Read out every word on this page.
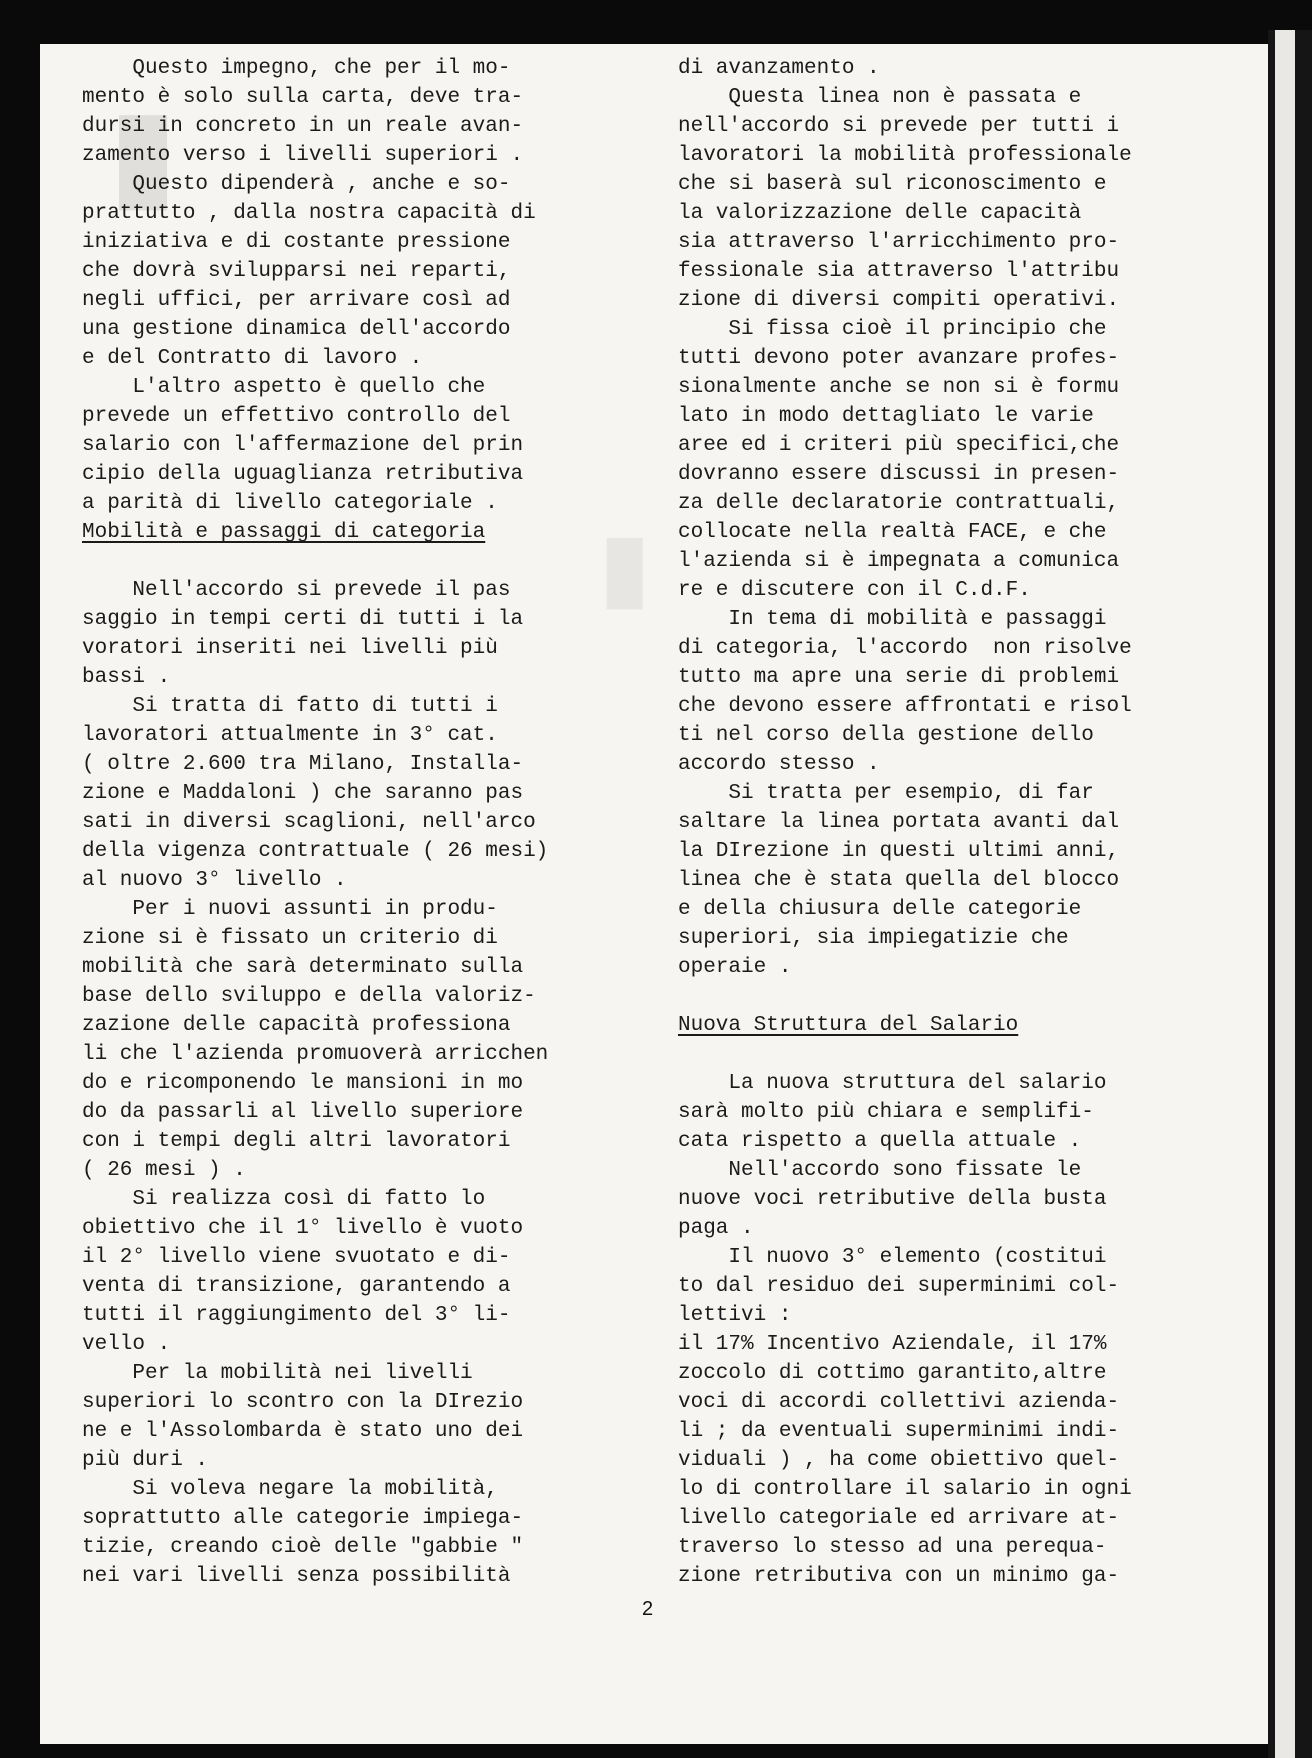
▮
▮
Questo impegno, che per il mo-
mento è solo sulla carta, deve tra-
dursi in concreto in un reale avan-
zamento verso i livelli superiori .
Questo dipenderà , anche e so-
prattutto , dalla nostra capacità di
iniziativa e di costante pressione
che dovrà svilupparsi nei reparti,
negli uffici, per arrivare così ad
una gestione dinamica dell'accordo
e del Contratto di lavoro .
L'altro aspetto è quello che
prevede un effettivo controllo del
salario con l'affermazione del prin
cipio della uguaglianza retributiva
a parità di livello categoriale .
Mobilità e passaggi di categoria
Nell'accordo si prevede il pas
saggio in tempi certi di tutti i la
voratori inseriti nei livelli più
bassi .
Si tratta di fatto di tutti i
lavoratori attualmente in 3° cat.
( oltre 2.600 tra Milano, Installa-
zione e Maddaloni ) che saranno pas
sati in diversi scaglioni, nell'arco
della vigenza contrattuale ( 26 mesi)
al nuovo 3° livello .
Per i nuovi assunti in produ-
zione si è fissato un criterio di
mobilità che sarà determinato sulla
base dello sviluppo e della valoriz-
zazione delle capacità professiona
li che l'azienda promuoverà arricchen
do e ricomponendo le mansioni in mo
do da passarli al livello superiore
con i tempi degli altri lavoratori
( 26 mesi ) .
Si realizza così di fatto lo
obiettivo che il 1° livello è vuoto
il 2° livello viene svuotato e di-
venta di transizione, garantendo a
tutti il raggiungimento del 3° li-
vello .
Per la mobilità nei livelli
superiori lo scontro con la DIrezio
ne e l'Assolombarda è stato uno dei
più duri .
Si voleva negare la mobilità,
soprattutto alle categorie impiega-
tizie, creando cioè delle "gabbie "
nei vari livelli senza possibilità
di avanzamento .
Questa linea non è passata e
nell'accordo si prevede per tutti i
lavoratori la mobilità professionale
che si baserà sul riconoscimento e
la valorizzazione delle capacità
sia attraverso l'arricchimento pro-
fessionale sia attraverso l'attribu
zione di diversi compiti operativi.
Si fissa cioè il principio che
tutti devono poter avanzare profes-
sionalmente anche se non si è formu
lato in modo dettagliato le varie
aree ed i criteri più specifici,che
dovranno essere discussi in presen-
za delle declaratorie contrattuali,
collocate nella realtà FACE, e che
l'azienda si è impegnata a comunica
re e discutere con il C.d.F.
In tema di mobilità e passaggi
di categoria, l'accordo  non risolve
tutto ma apre una serie di problemi
che devono essere affrontati e risol
ti nel corso della gestione dello
accordo stesso .
Si tratta per esempio, di far
saltare la linea portata avanti dal
la DIrezione in questi ultimi anni,
linea che è stata quella del blocco
e della chiusura delle categorie
superiori, sia impiegatizie che
operaie .
Nuova Struttura del Salario
La nuova struttura del salario
sarà molto più chiara e semplifi-
cata rispetto a quella attuale .
Nell'accordo sono fissate le
nuove voci retributive della busta
paga .
Il nuovo 3° elemento (costitui
to dal residuo dei superminimi col-
lettivi :
il 17% Incentivo Aziendale, il 17%
zoccolo di cottimo garantito,altre
voci di accordi collettivi azienda-
li ; da eventuali superminimi indi-
viduali ) , ha come obiettivo quel-
lo di controllare il salario in ogni
livello categoriale ed arrivare at-
traverso lo stesso ad una perequa-
zione retributiva con un minimo ga-
2
